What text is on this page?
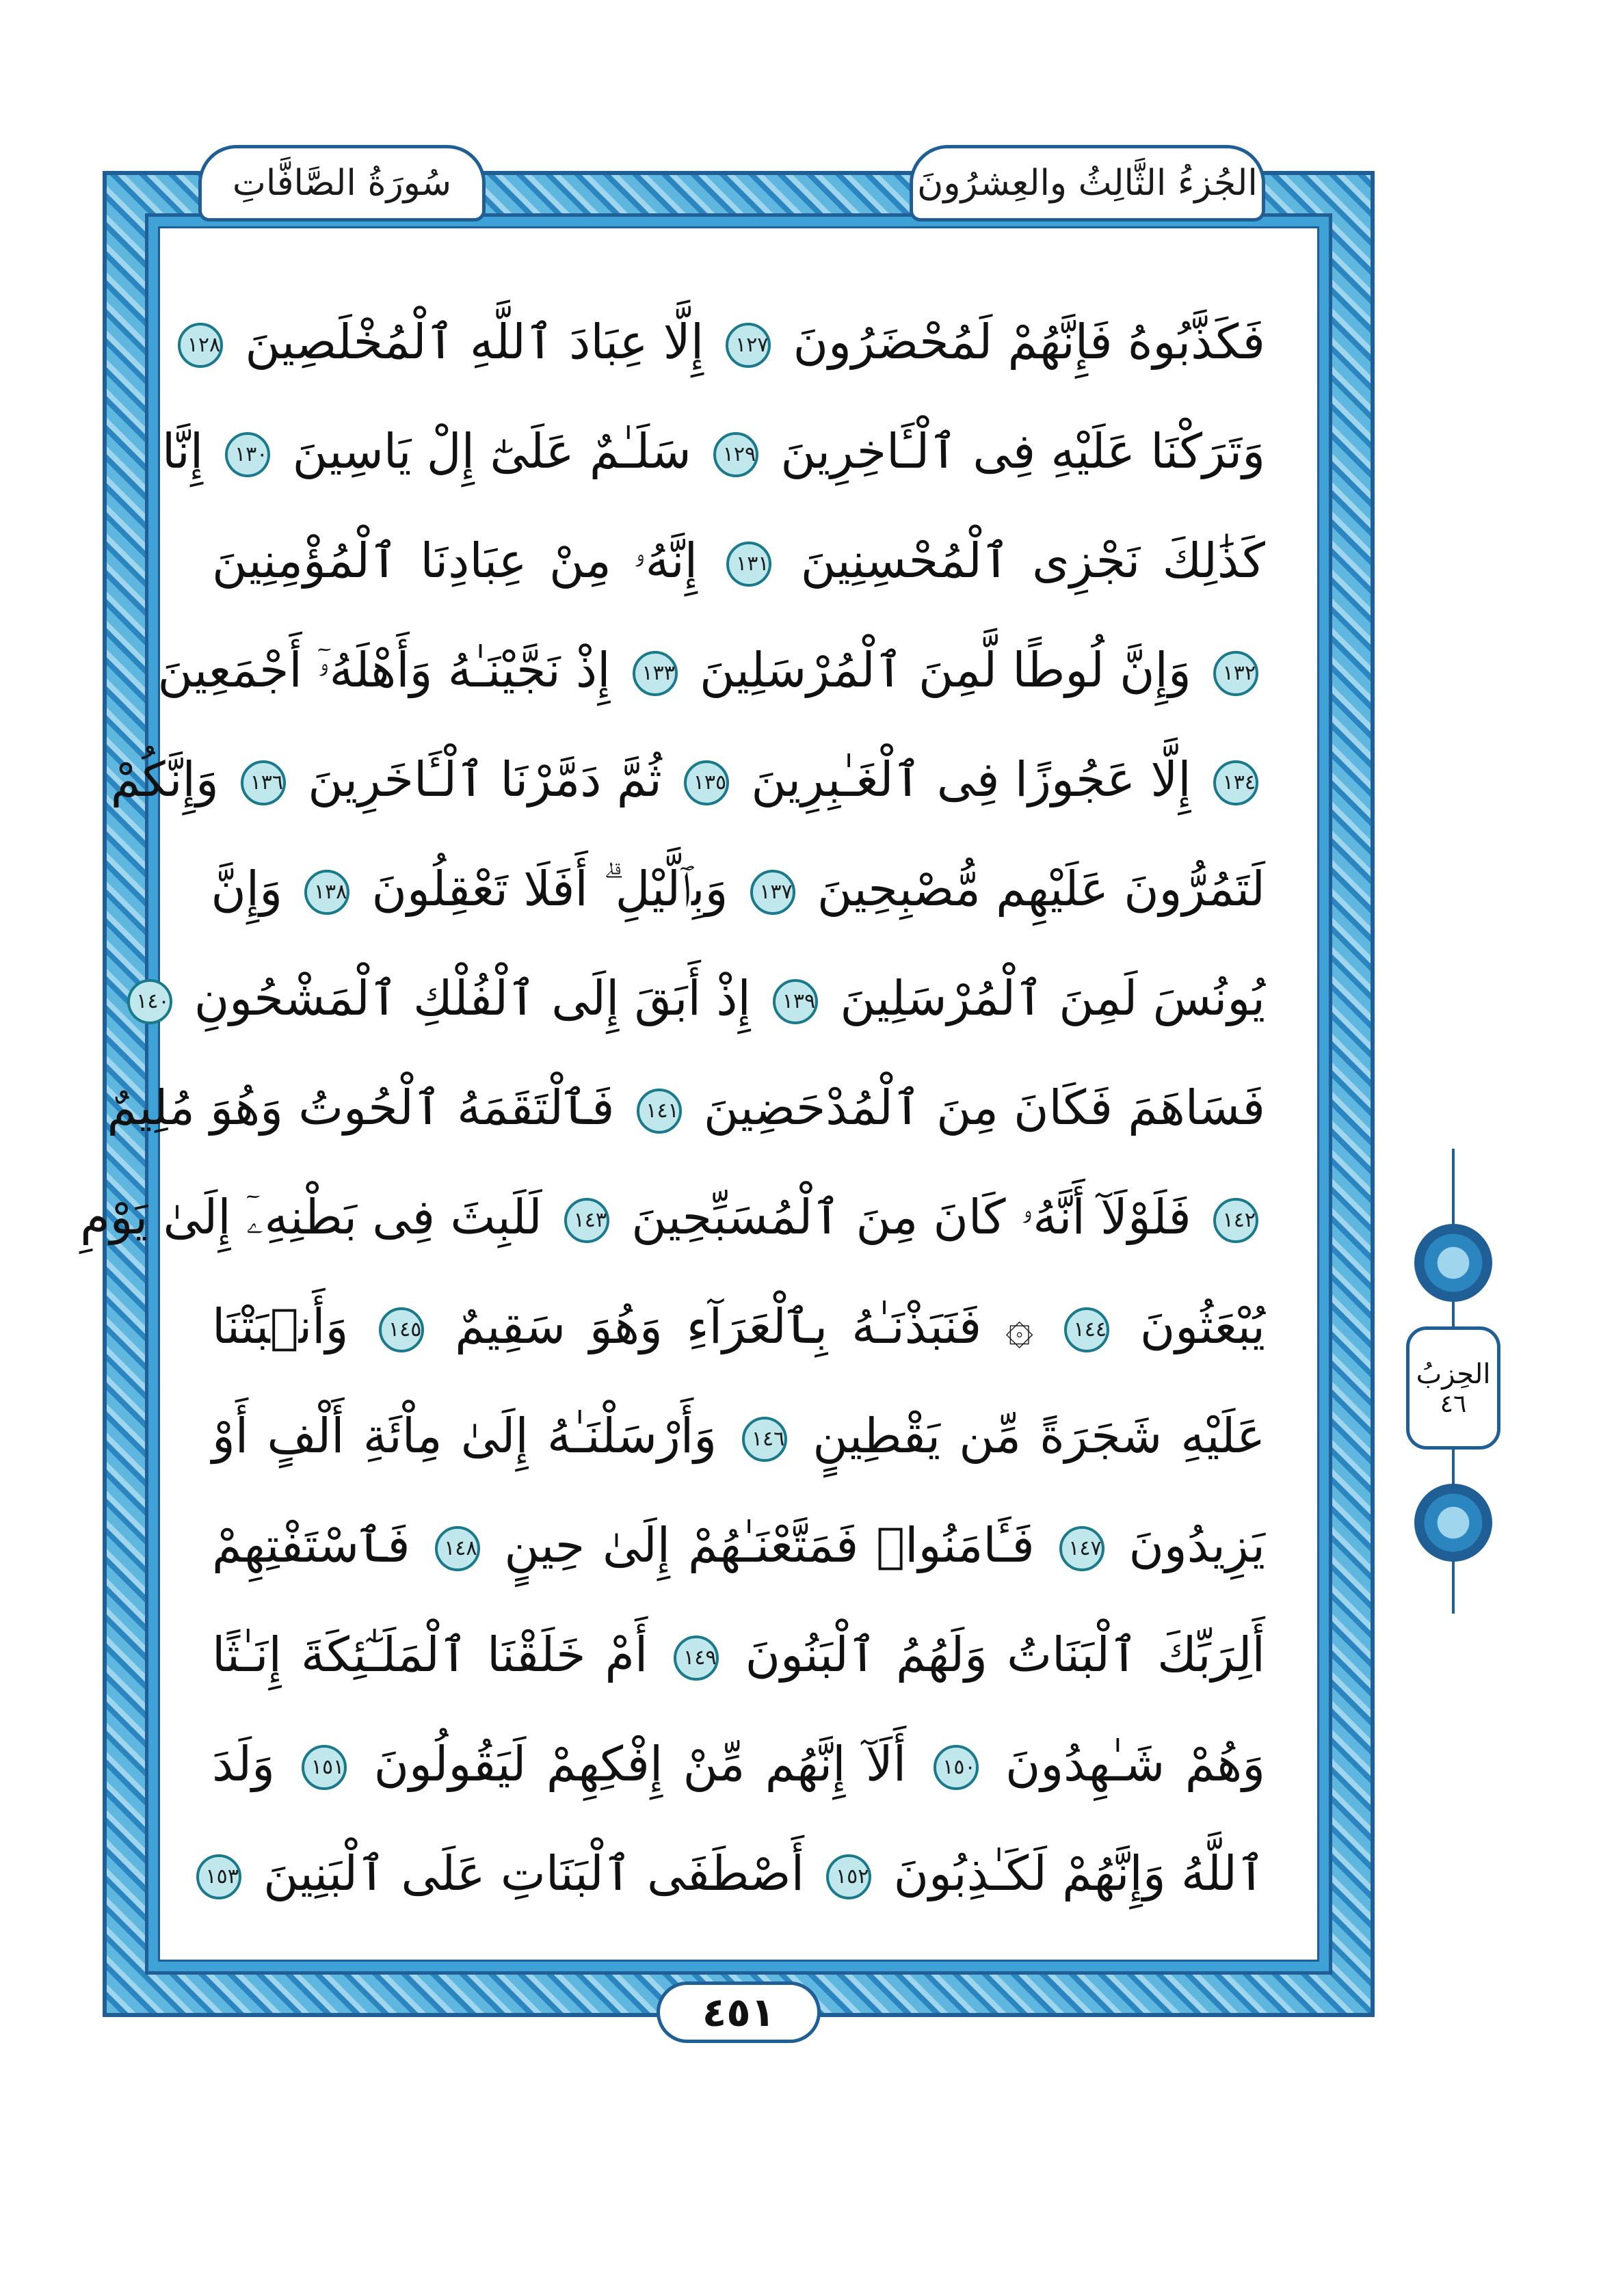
الجُزءُ الثَّالِثُ والعِشرُونَ
سُورَةُ الصَّافَّاتِ
فَكَذَّبُوهُ فَإِنَّهُمْ لَمُحْضَرُونَ ١٢٧ إِلَّا عِبَادَ ٱللَّهِ ٱلْمُخْلَصِينَ ١٢٨
وَتَرَكْنَا عَلَيْهِ فِى ٱلْـَٔاخِرِينَ ١٢٩ سَلَـٰمٌ عَلَىٰٓ إِلْ يَاسِينَ ١٣٠ إِنَّا
كَذَٰلِكَ نَجْزِى ٱلْمُحْسِنِينَ ١٣١ إِنَّهُۥ مِنْ عِبَادِنَا ٱلْمُؤْمِنِينَ
١٣٢ وَإِنَّ لُوطًا لَّمِنَ ٱلْمُرْسَلِينَ ١٣٣ إِذْ نَجَّيْنَـٰهُ وَأَهْلَهُۥٓ أَجْمَعِينَ
١٣٤ إِلَّا عَجُوزًا فِى ٱلْغَـٰبِرِينَ ١٣٥ ثُمَّ دَمَّرْنَا ٱلْـَٔاخَرِينَ ١٣٦ وَإِنَّكُمْ
لَتَمُرُّونَ عَلَيْهِم مُّصْبِحِينَ ١٣٧ وَبِٱلَّيْلِ ۗ أَفَلَا تَعْقِلُونَ ١٣٨ وَإِنَّ
يُونُسَ لَمِنَ ٱلْمُرْسَلِينَ ١٣٩ إِذْ أَبَقَ إِلَى ٱلْفُلْكِ ٱلْمَشْحُونِ ١٤٠
فَسَاهَمَ فَكَانَ مِنَ ٱلْمُدْحَضِينَ ١٤١ فَٱلْتَقَمَهُ ٱلْحُوتُ وَهُوَ مُلِيمٌ
١٤٢ فَلَوْلَآ أَنَّهُۥ كَانَ مِنَ ٱلْمُسَبِّحِينَ ١٤٣ لَلَبِثَ فِى بَطْنِهِۦٓ إِلَىٰ يَوْمِ
يُبْعَثُونَ ١٤٤ ۞ فَنَبَذْنَـٰهُ بِٱلْعَرَآءِ وَهُوَ سَقِيمٌ ١٤٥ وَأَنۢبَتْنَا
عَلَيْهِ شَجَرَةً مِّن يَقْطِينٍ ١٤٦ وَأَرْسَلْنَـٰهُ إِلَىٰ مِاْئَةِ أَلْفٍ أَوْ
يَزِيدُونَ ١٤٧ فَـَٔامَنُوا۟ فَمَتَّعْنَـٰهُمْ إِلَىٰ حِينٍ ١٤٨ فَٱسْتَفْتِهِمْ
أَلِرَبِّكَ ٱلْبَنَاتُ وَلَهُمُ ٱلْبَنُونَ ١٤٩ أَمْ خَلَقْنَا ٱلْمَلَـٰٓئِكَةَ إِنَـٰثًا
وَهُمْ شَـٰهِدُونَ ١٥٠ أَلَآ إِنَّهُم مِّنْ إِفْكِهِمْ لَيَقُولُونَ ١٥١ وَلَدَ
ٱللَّهُ وَإِنَّهُمْ لَكَـٰذِبُونَ ١٥٢ أَصْطَفَى ٱلْبَنَاتِ عَلَى ٱلْبَنِينَ ١٥٣
٤٥١
الحِزبُ
٤٦
